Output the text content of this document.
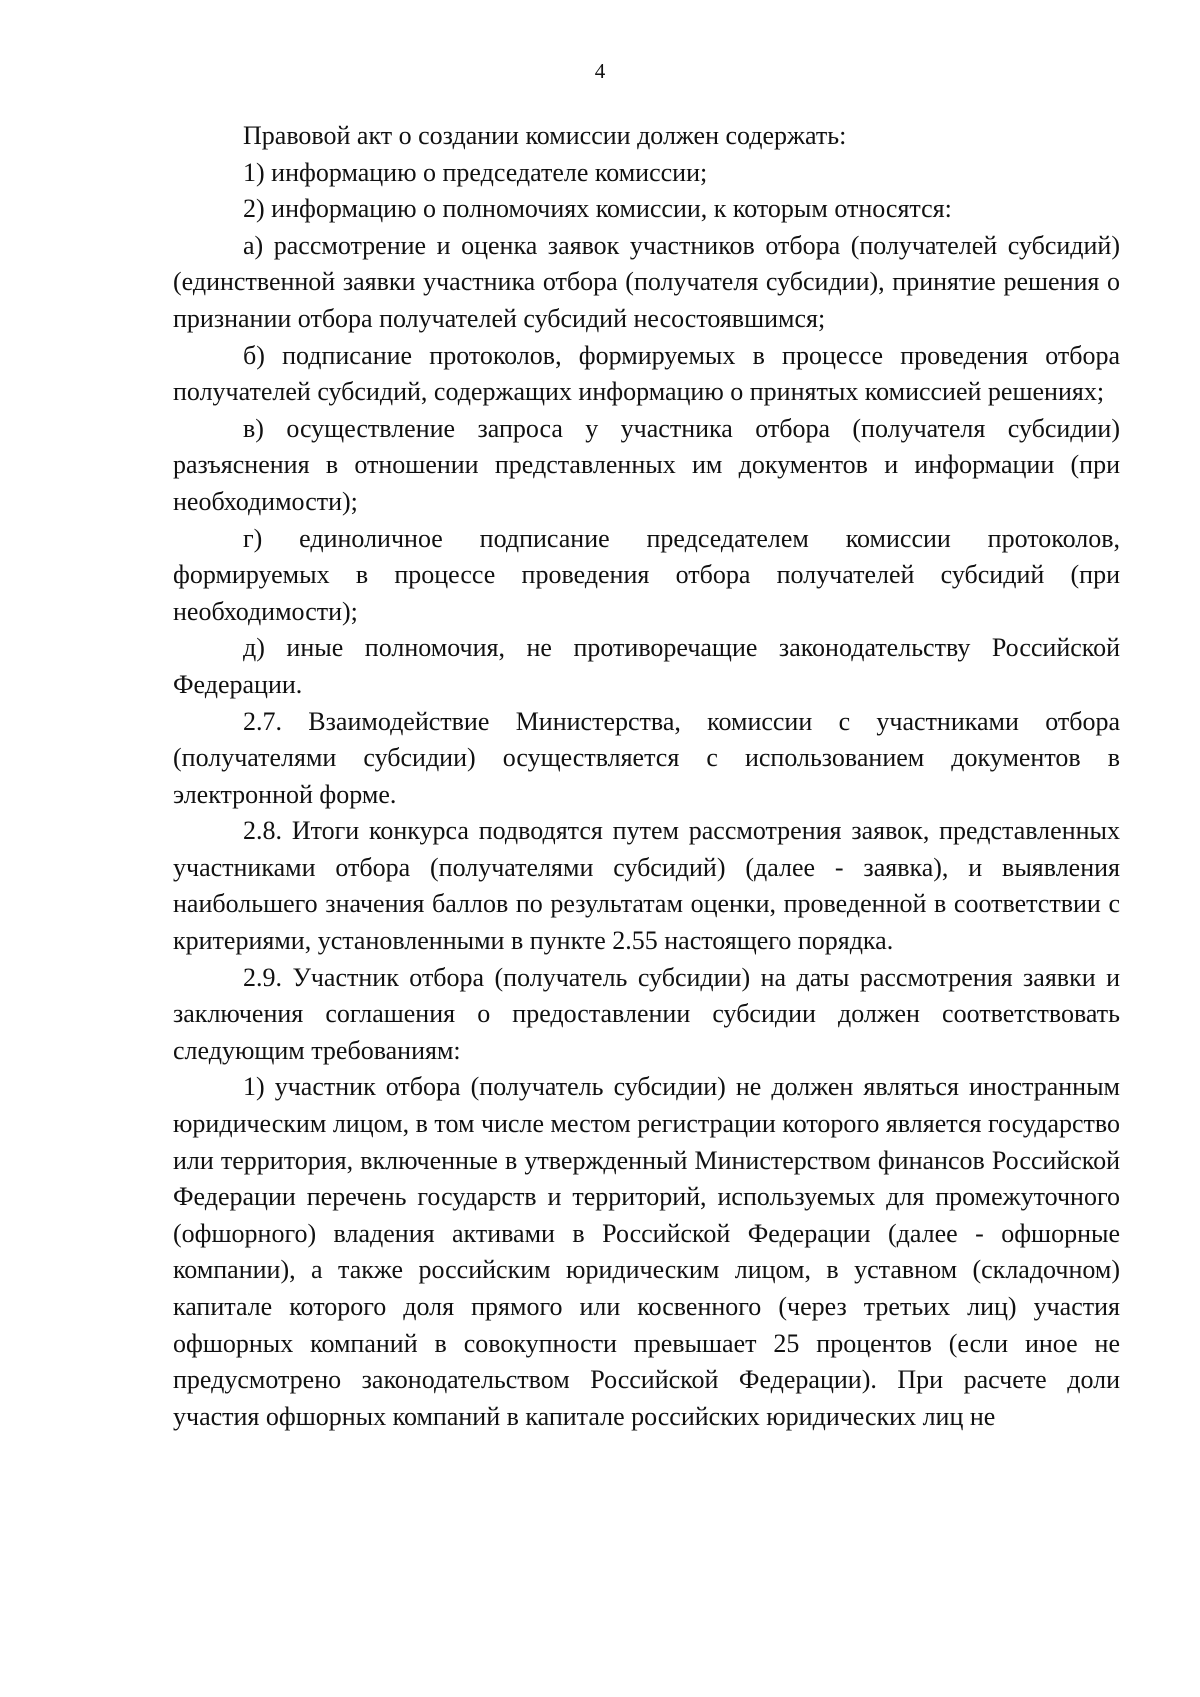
4

Правовой акт о создании комиссии должен содержать:

1) информацию о председателе комиссии;

2) информацию о полномочиях комиссии, к которым относятся:

а) рассмотрение и оценка заявок участников отбора (получателей субсидий) (единственной заявки участника отбора (получателя субсидии), принятие решения о признании отбора получателей субсидий несостоявшимся;

б) подписание протоколов, формируемых в процессе проведения отбора получателей субсидий, содержащих информацию о принятых комиссией решениях;

в) осуществление запроса у участника отбора (получателя субсидии) разъяснения в отношении представленных им документов и информации (при необходимости);

г) единоличное подписание председателем комиссии протоколов, формируемых в процессе проведения отбора получателей субсидий (при необходимости);

д) иные полномочия, не противоречащие законодательству Российской Федерации.

2.7. Взаимодействие Министерства, комиссии с участниками отбора (получателями субсидии) осуществляется с использованием документов в электронной форме.

2.8. Итоги конкурса подводятся путем рассмотрения заявок, представленных участниками отбора (получателями субсидий) (далее - заявка), и выявления наибольшего значения баллов по результатам оценки, проведенной в соответствии с критериями, установленными в пункте 2.55 настоящего порядка.

2.9. Участник отбора (получатель субсидии) на даты рассмотрения заявки и заключения соглашения о предоставлении субсидии должен соответствовать следующим требованиям:

1) участник отбора (получатель субсидии) не должен являться иностранным юридическим лицом, в том числе местом регистрации которого является государство или территория, включенные в утвержденный Министерством финансов Российской Федерации перечень государств и территорий, используемых для промежуточного (офшорного) владения активами в Российской Федерации (далее - офшорные компании), а также российским юридическим лицом, в уставном (складочном) капитале которого доля прямого или косвенного (через третьих лиц) участия офшорных компаний в совокупности превышает 25 процентов (если иное не предусмотрено законодательством Российской Федерации). При расчете доли участия офшорных компаний в капитале российских юридических лиц не
